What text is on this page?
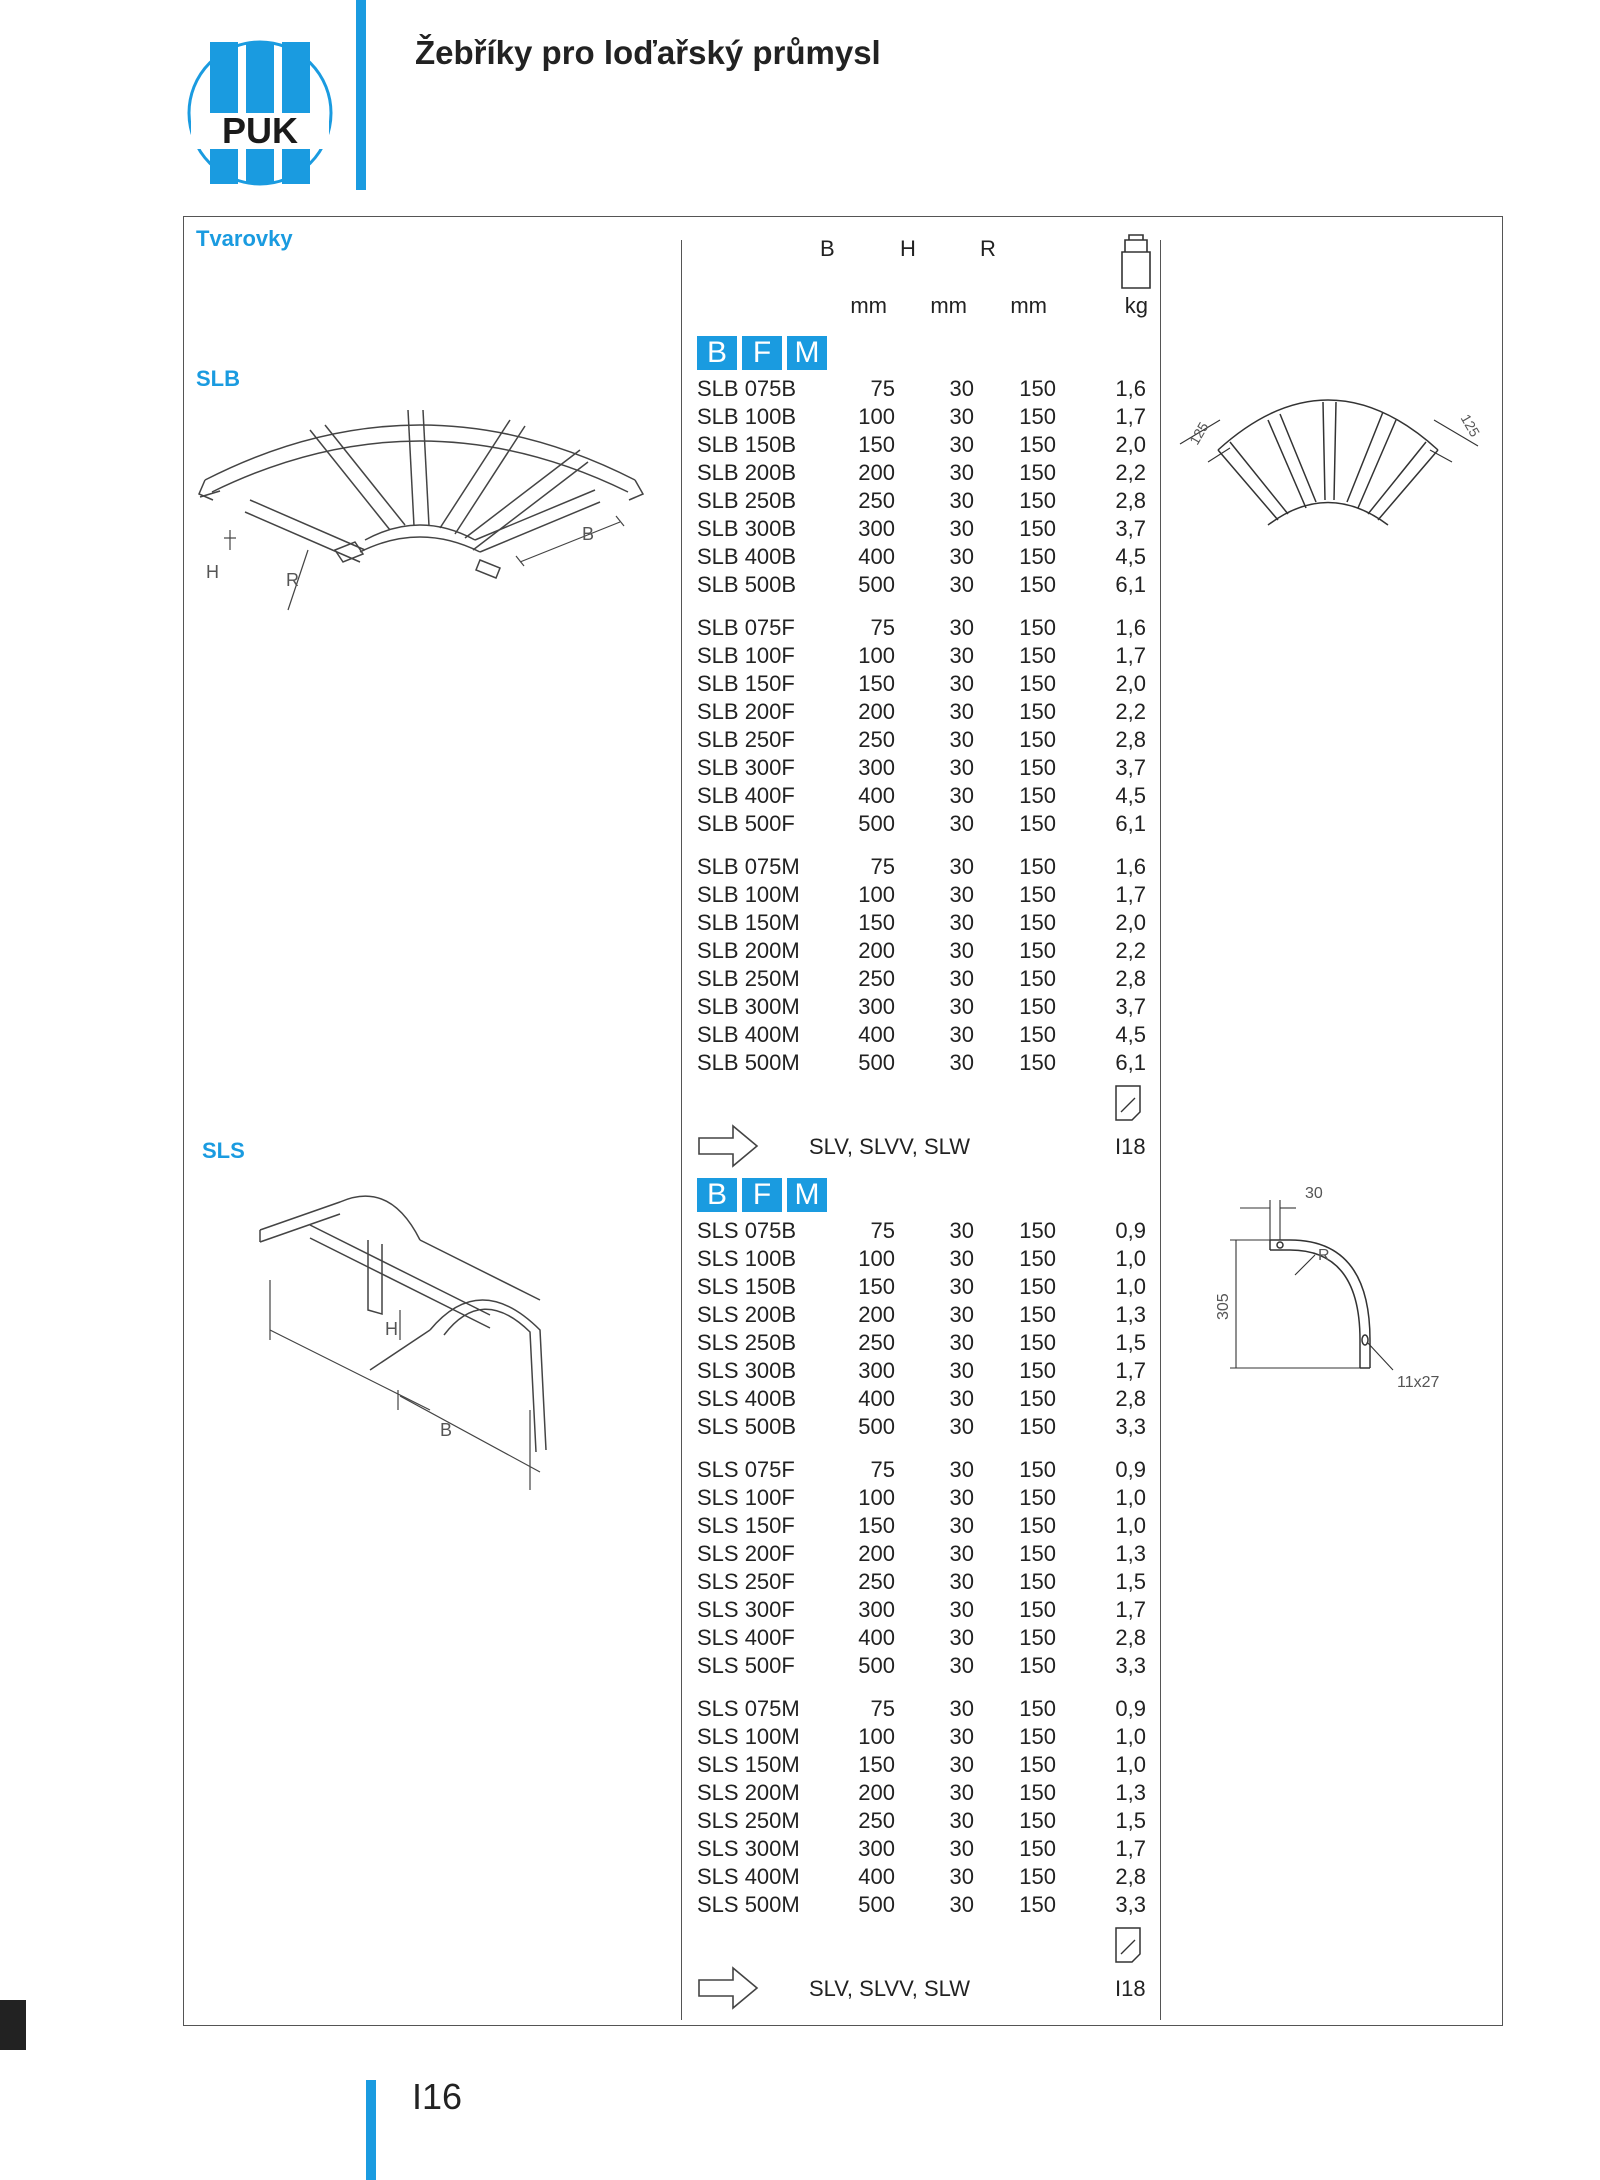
PUK
Žebříky pro loďařský průmysl
Tvarovky
SLB
SLS
B	H	R
mm	mm	mm	kg
B F M
SLB 075B	75	30	150	1,6
SLB 100B	100	30	150	1,7
SLB 150B	150	30	150	2,0
SLB 200B	200	30	150	2,2
SLB 250B	250	30	150	2,8
SLB 300B	300	30	150	3,7
SLB 400B	400	30	150	4,5
SLB 500B	500	30	150	6,1
SLB 075F	75	30	150	1,6
SLB 100F	100	30	150	1,7
SLB 150F	150	30	150	2,0
SLB 200F	200	30	150	2,2
SLB 250F	250	30	150	2,8
SLB 300F	300	30	150	3,7
SLB 400F	400	30	150	4,5
SLB 500F	500	30	150	6,1
SLB 075M	75	30	150	1,6
SLB 100M	100	30	150	1,7
SLB 150M	150	30	150	2,0
SLB 200M	200	30	150	2,2
SLB 250M	250	30	150	2,8
SLB 300M	300	30	150	3,7
SLB 400M	400	30	150	4,5
SLB 500M	500	30	150	6,1
SLV, SLVV, SLW	I18
B F M
SLS 075B	75	30	150	0,9
SLS 100B	100	30	150	1,0
SLS 150B	150	30	150	1,0
SLS 200B	200	30	150	1,3
SLS 250B	250	30	150	1,5
SLS 300B	300	30	150	1,7
SLS 400B	400	30	150	2,8
SLS 500B	500	30	150	3,3
SLS 075F	75	30	150	0,9
SLS 100F	100	30	150	1,0
SLS 150F	150	30	150	1,0
SLS 200F	200	30	150	1,3
SLS 250F	250	30	150	1,5
SLS 300F	300	30	150	1,7
SLS 400F	400	30	150	2,8
SLS 500F	500	30	150	3,3
SLS 075M	75	30	150	0,9
SLS 100M	100	30	150	1,0
SLS 150M	150	30	150	1,0
SLS 200M	200	30	150	1,3
SLS 250M	250	30	150	1,5
SLS 300M	300	30	150	1,7
SLS 400M	400	30	150	2,8
SLS 500M	500	30	150	3,3
SLV, SLVV, SLW	I18
B
H	R
125	125
B
H
30
305
R
11x27
I16
